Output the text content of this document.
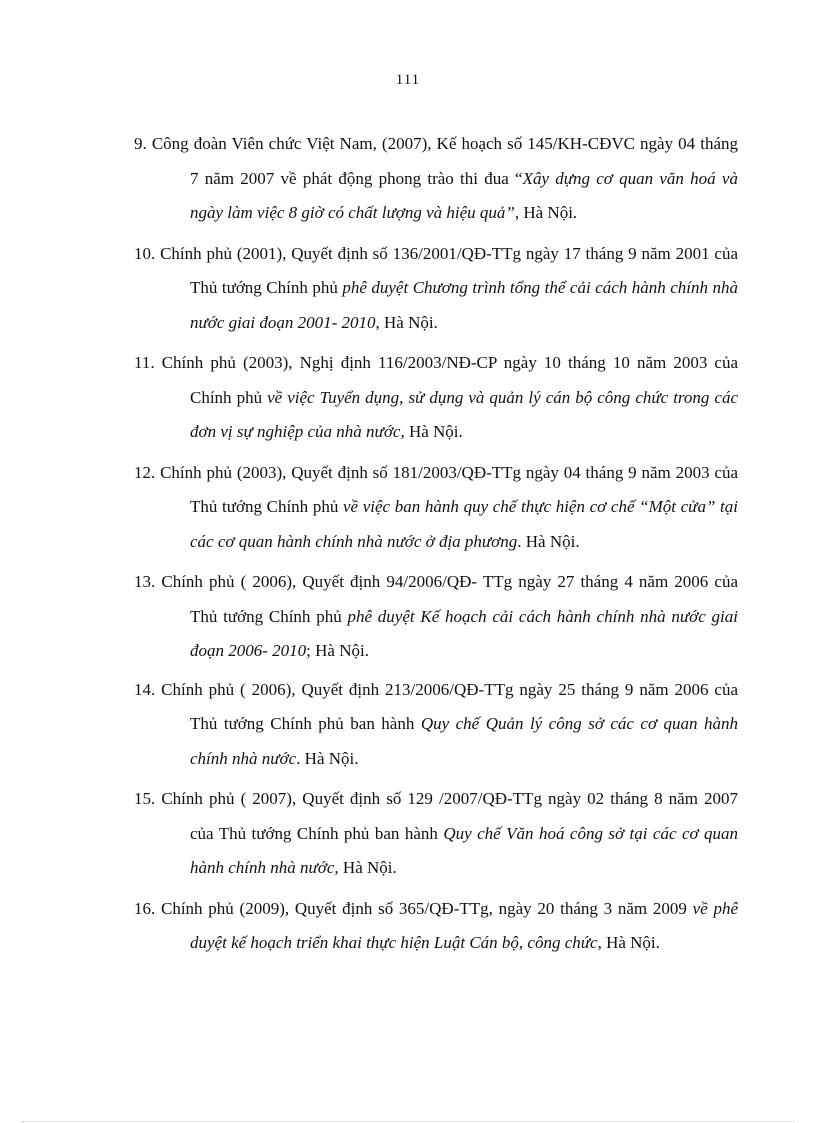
111
9. Công đoàn Viên chức Việt Nam, (2007), Kế hoạch số 145/KH-CĐVC ngày 04 tháng 7 năm 2007 về phát động phong trào thi đua “Xây dựng cơ quan văn hoá và ngày làm việc 8 giờ có chất lượng và hiệu quả”, Hà Nội.
10. Chính phủ (2001), Quyết định số 136/2001/QĐ-TTg ngày 17 tháng 9 năm 2001 của Thủ tướng Chính phủ phê duyệt Chương trình tổng thể cải cách hành chính nhà nước giai đoạn 2001- 2010, Hà Nội.
11. Chính phủ (2003), Nghị định 116/2003/NĐ-CP ngày 10 tháng 10 năm 2003 của Chính phủ về việc Tuyển dụng, sử dụng và quản lý cán bộ công chức trong các đơn vị sự nghiệp của nhà nước, Hà Nội.
12. Chính phủ (2003), Quyết định số 181/2003/QĐ-TTg ngày 04 tháng 9 năm 2003 của Thủ tướng Chính phủ về việc ban hành quy chế thực hiện cơ chế “Một cửa” tại các cơ quan hành chính nhà nước ở địa phương. Hà Nội.
13. Chính phủ ( 2006), Quyết định 94/2006/QĐ- TTg ngày 27 tháng 4 năm 2006 của Thủ tướng Chính phủ phê duyệt Kế hoạch cải cách hành chính nhà nước giai đoạn 2006- 2010; Hà Nội.
14. Chính phủ ( 2006), Quyết định 213/2006/QĐ-TTg ngày 25 tháng 9 năm 2006 của Thủ tướng Chính phủ ban hành Quy chế Quản lý công sở các cơ quan hành chính nhà nước. Hà Nội.
15. Chính phủ ( 2007), Quyết định số 129 /2007/QĐ-TTg ngày 02 tháng 8 năm 2007 của Thủ tướng Chính phủ ban hành Quy chế Văn hoá công sở tại các cơ quan hành chính nhà nước, Hà Nội.
16. Chính phủ (2009), Quyết định số 365/QĐ-TTg, ngày 20 tháng 3 năm 2009 về phê duyệt kế hoạch triển khai thực hiện Luật Cán bộ, công chức, Hà Nội.
